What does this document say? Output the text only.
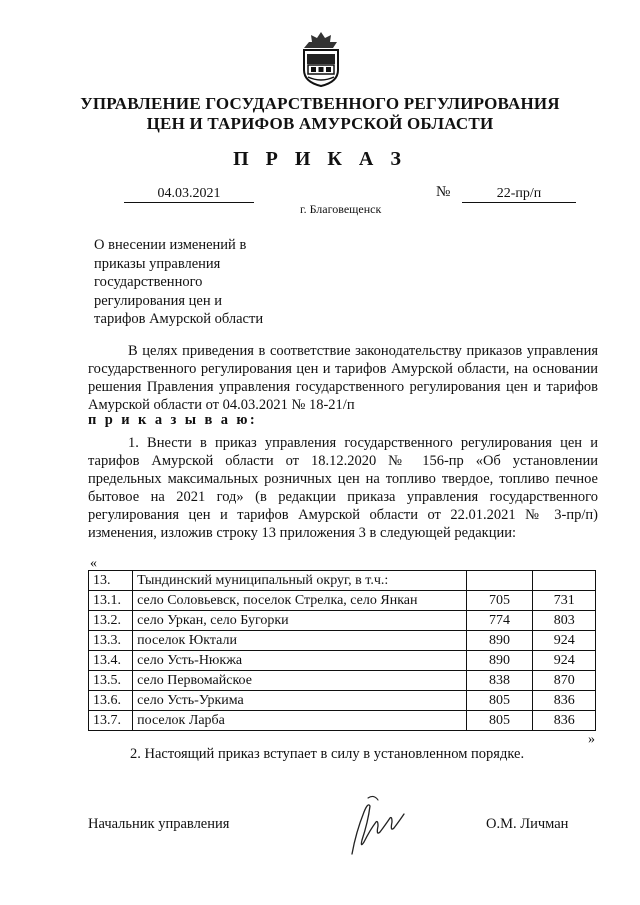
УПРАВЛЕНИЕ ГОСУДАРСТВЕННОГО РЕГУЛИРОВАНИЯ
ЦЕН И ТАРИФОВ АМУРСКОЙ ОБЛАСТИ
П Р И К А З
04.03.2021	№	22-пр/п
г. Благовещенск
О внесении изменений в
приказы управления
государственного
регулирования цен и
тарифов Амурской области
В целях приведения в соответствие законодательству приказов управления государственного регулирования цен и тарифов Амурской области, на основании решения Правления управления государственного регулирования цен и тарифов Амурской области от 04.03.2021 № 18-21/п
п р и к а з ы в а ю:
1. Внести в приказ управления государственного регулирования цен и тарифов Амурской области от 18.12.2020 № 156-пр «Об установлении предельных максимальных розничных цен на топливо твердое, топливо печное бытовое на 2021 год» (в редакции приказа управления государственного регулирования цен и тарифов Амурской области от 22.01.2021 № 3-пр/п) изменения, изложив строку 13 приложения 3 в следующей редакции:
«
13.	Тындинский муниципальный округ, в т.ч.:		
13.1.	село Соловьевск, поселок Стрелка, село Янкан	705	731
13.2.	село Уркан, село Бугорки	774	803
13.3.	поселок Юктали	890	924
13.4.	село Усть-Нюкжа	890	924
13.5.	село Первомайское	838	870
13.6.	село Усть-Уркима	805	836
13.7.	поселок Ларба	805	836
»
2. Настоящий приказ вступает в силу в установленном порядке.
Начальник управления	О.М. Личман
